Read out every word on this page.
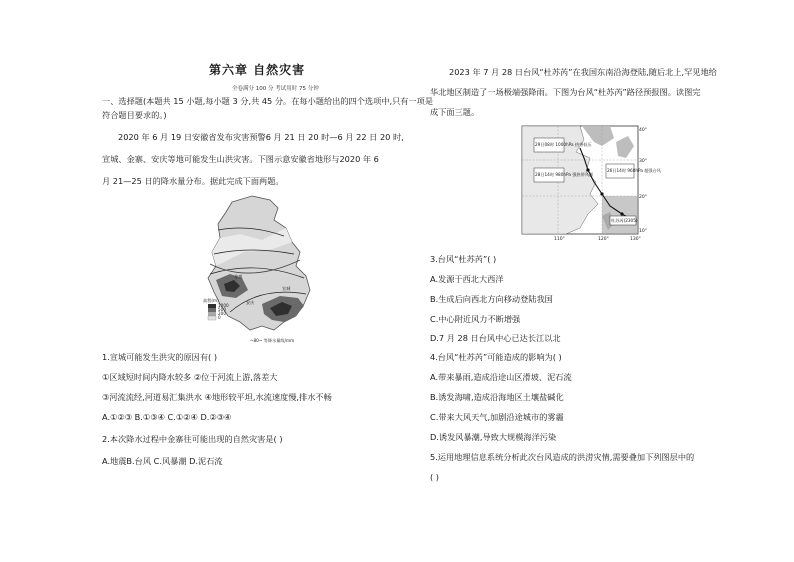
第六章 自然灾害
全卷满分 100 分 考试用时 75 分钟
一、选择题(本题共 15 小题,每小题 3 分,共 45 分。在每小题给出的四个选项中,只有一项是
符合题目要求的。)
2020 年 6 月 19 日安徽省发布灾害预警6 月 21 日 20 时—6 月 22 日 20 时,
宣城、金寨、安庆等地可能发生山洪灾害。下图示意安徽省地形与2020 年 6
月 21—25 日的降水量分布。据此完成下面两题。
金寨
宣城
安庆
高程(m)
1000
500
200
0
~80~ 等降水量线/mm
1.宣城可能发生洪灾的原因有( )
①区域短时间内降水较多 ②位于河流上游,落差大
③河流流经,河道易汇集洪水 ④地形较平坦,水流速度慢,排水不畅
A.①②③ B.①③④ C.①②④ D.②③④
2.本次降水过程中金寨往可能出现的自然灾害是( )
A.地震B.台风 C.风暴潮 D.泥石流
2023 年 7 月 28 日台风“杜苏芮”在我国东南沿海登陆,随后北上,罕见地给
华北地区制造了一场极端强降雨。下图为台风“杜苏芮”路径预报图。读图完
成下面三题。
29日08时 1000hPa 热带低压
28日14时 980hPa 强热带风暴
26日14时 960hPa 超强台风
杜苏芮(2305)
40°
30°
20°
10°
110°	120°	130°
3.台风“杜苏芮”( )
A.发源于西北大西洋
B.生成后向西北方向移动登陆我国
C.中心附近风力不断增强
D.7 月 28 日台风中心已达长江以北
4.台风“杜苏芮”可能造成的影响为( )
A.带来暴雨,造成沿途山区滑坡、泥石流
B.诱发海啸,造成沿海地区土壤盐碱化
C.带来大风天气,加剧沿途城市的雾霾
D.诱发风暴潮,导致大规模海洋污染
5.运用地理信息系统分析此次台风造成的洪涝灾情,需要叠加下列图层中的
( )
